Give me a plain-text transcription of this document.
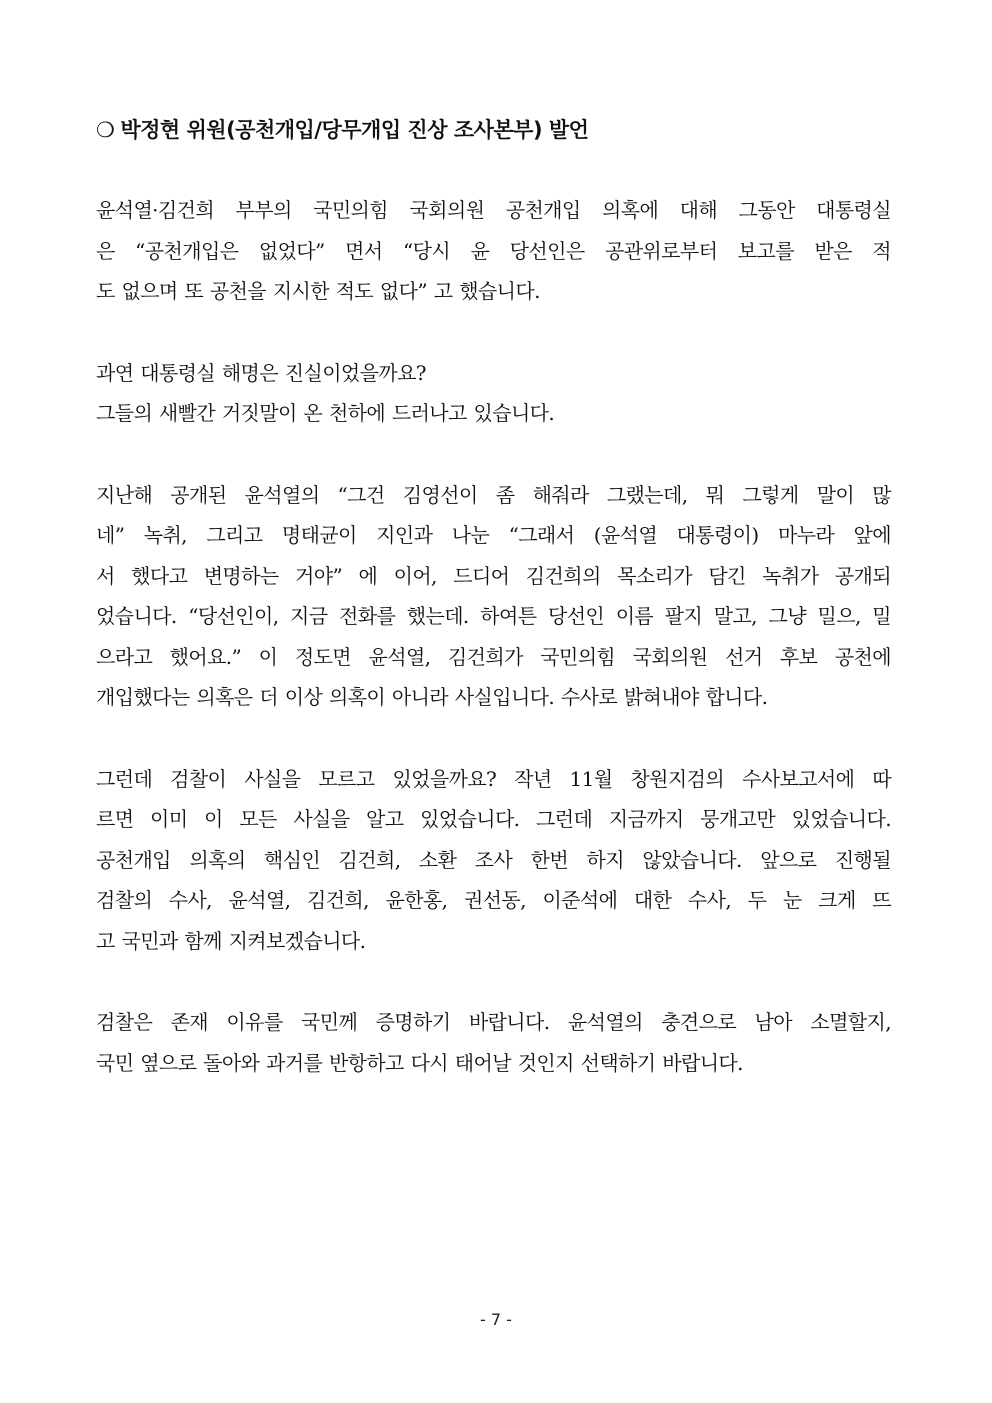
❍ 박정현 위원(공천개입/당무개입 진상 조사본부) 발언
윤석열·김건희 부부의 국민의힘 국회의원 공천개입 의혹에 대해 그동안 대통령실
은 “공천개입은 없었다” 면서 “당시 윤 당선인은 공관위로부터 보고를 받은 적
도 없으며 또 공천을 지시한 적도 없다” 고 했습니다.
과연 대통령실 해명은 진실이었을까요?
그들의 새빨간 거짓말이 온 천하에 드러나고 있습니다.
지난해 공개된 윤석열의 “그건 김영선이 좀 해줘라 그랬는데, 뭐 그렇게 말이 많
네” 녹취, 그리고 명태균이 지인과 나눈 “그래서 (윤석열 대통령이) 마누라 앞에
서 했다고 변명하는 거야” 에 이어, 드디어 김건희의 목소리가 담긴 녹취가 공개되
었습니다. “당선인이, 지금 전화를 했는데. 하여튼 당선인 이름 팔지 말고, 그냥 밀으, 밀
으라고 했어요.” 이 정도면 윤석열, 김건희가 국민의힘 국회의원 선거 후보 공천에
개입했다는 의혹은 더 이상 의혹이 아니라 사실입니다. 수사로 밝혀내야 합니다.
그런데 검찰이 사실을 모르고 있었을까요? 작년 11월 창원지검의 수사보고서에 따
르면 이미 이 모든 사실을 알고 있었습니다. 그런데 지금까지 뭉개고만 있었습니다.
공천개입 의혹의 핵심인 김건희, 소환 조사 한번 하지 않았습니다. 앞으로 진행될
검찰의 수사, 윤석열, 김건희, 윤한홍, 권선동, 이준석에 대한 수사, 두 눈 크게 뜨
고 국민과 함께 지켜보겠습니다.
검찰은 존재 이유를 국민께 증명하기 바랍니다. 윤석열의 충견으로 남아 소멸할지,
국민 옆으로 돌아와 과거를 반항하고 다시 태어날 것인지 선택하기 바랍니다.
- 7 -
